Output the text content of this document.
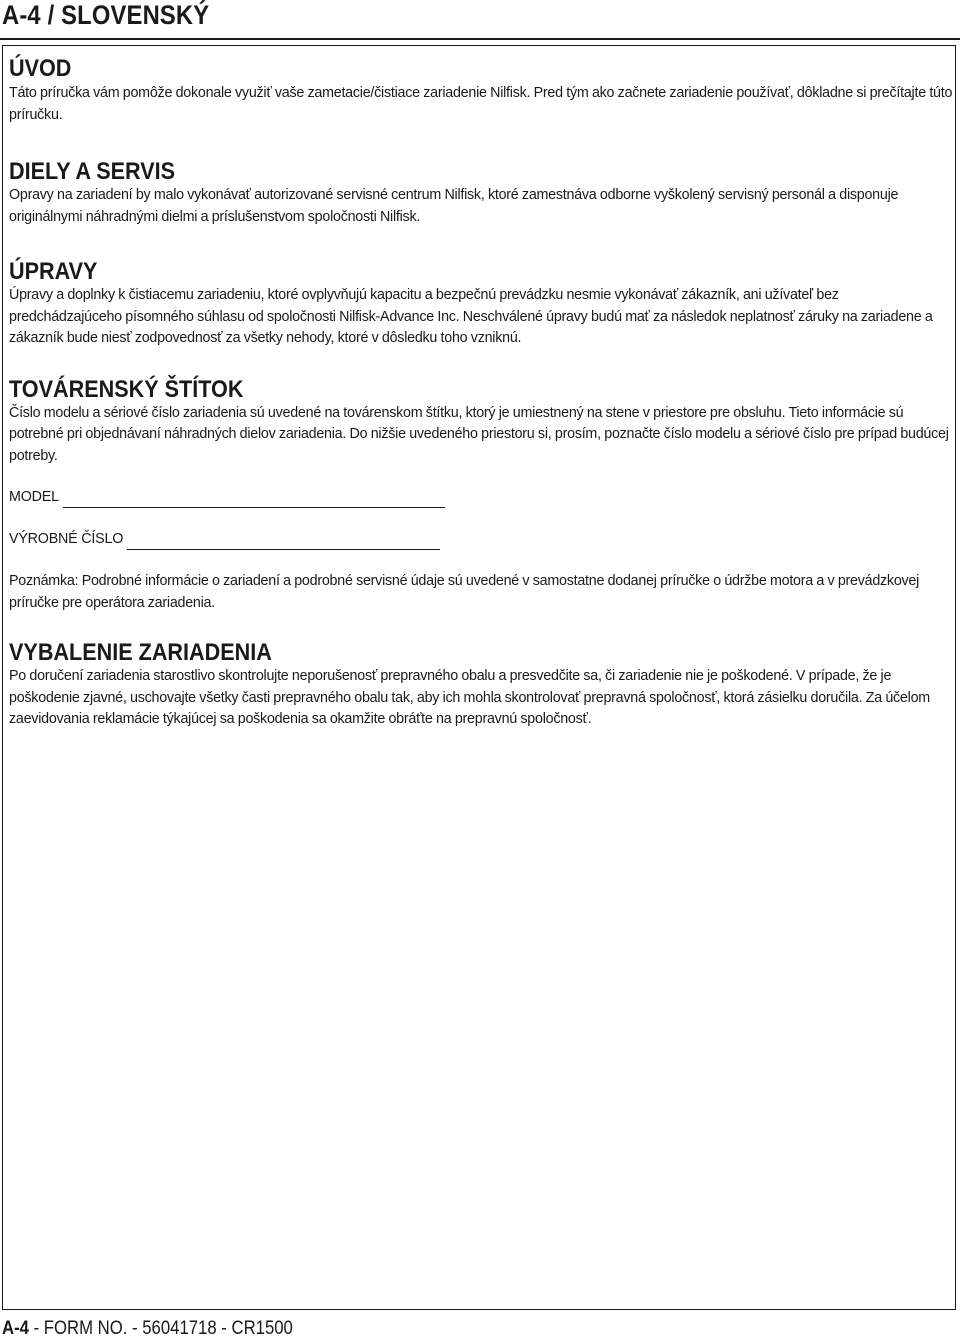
A-4 / SLOVENSKÝ
ÚVOD

Táto príručka vám pomôže dokonale využiť vaše zametacie/čistiace zariadenie Nilfisk. Pred tým ako začnete zariadenie používať, dôkladne si prečítajte túto príručku.

DIELY A SERVIS

Opravy na zariadení by malo vykonávať autorizované servisné centrum Nilfisk, ktoré zamestnáva odborne vyškolený servisný personál a disponuje originálnymi náhradnými dielmi a príslušenstvom spoločnosti Nilfisk.

ÚPRAVY

Úpravy a doplnky k čistiacemu zariadeniu, ktoré ovplyvňujú kapacitu a bezpečnú prevádzku nesmie vykonávať zákazník, ani užívateľ bez predchádzajúceho písomného súhlasu od spoločnosti Nilfisk-Advance Inc. Neschválené úpravy budú mať za následok neplatnosť záruky na zariadene a zákazník bude niesť zodpovednosť za všetky nehody, ktoré v dôsledku toho vzniknú.

TOVÁRENSKÝ ŠTÍTOK

Číslo modelu a sériové číslo zariadenia sú uvedené na továrenskom štítku, ktorý je umiestnený na stene v priestore pre obsluhu. Tieto informácie sú potrebné pri objednávaní náhradných dielov zariadenia. Do nižšie uvedeného priestoru si, prosím, poznačte číslo modelu a sériové číslo pre prípad budúcej potreby.

MODEL
VÝROBNÉ ČÍSLO

Poznámka: Podrobné informácie o zariadení a podrobné servisné údaje sú uvedené v samostatne dodanej príručke o údržbe motora a v prevádzkovej príručke pre operátora zariadenia.

VYBALENIE ZARIADENIA

Po doručení zariadenia starostlivo skontrolujte neporušenosť prepravného obalu a presvedčite sa, či zariadenie nie je poškodené. V prípade, že je poškodenie zjavné, uschovajte všetky časti prepravného obalu tak, aby ich mohla skontrolovať prepravná spoločnosť, ktorá zásielku doručila. Za účelom zaevidovania reklamácie týkajúcej sa poškodenia sa okamžite obráťte na prepravnú spoločnosť.

A-4 - FORM NO. - 56041718 - CR1500
